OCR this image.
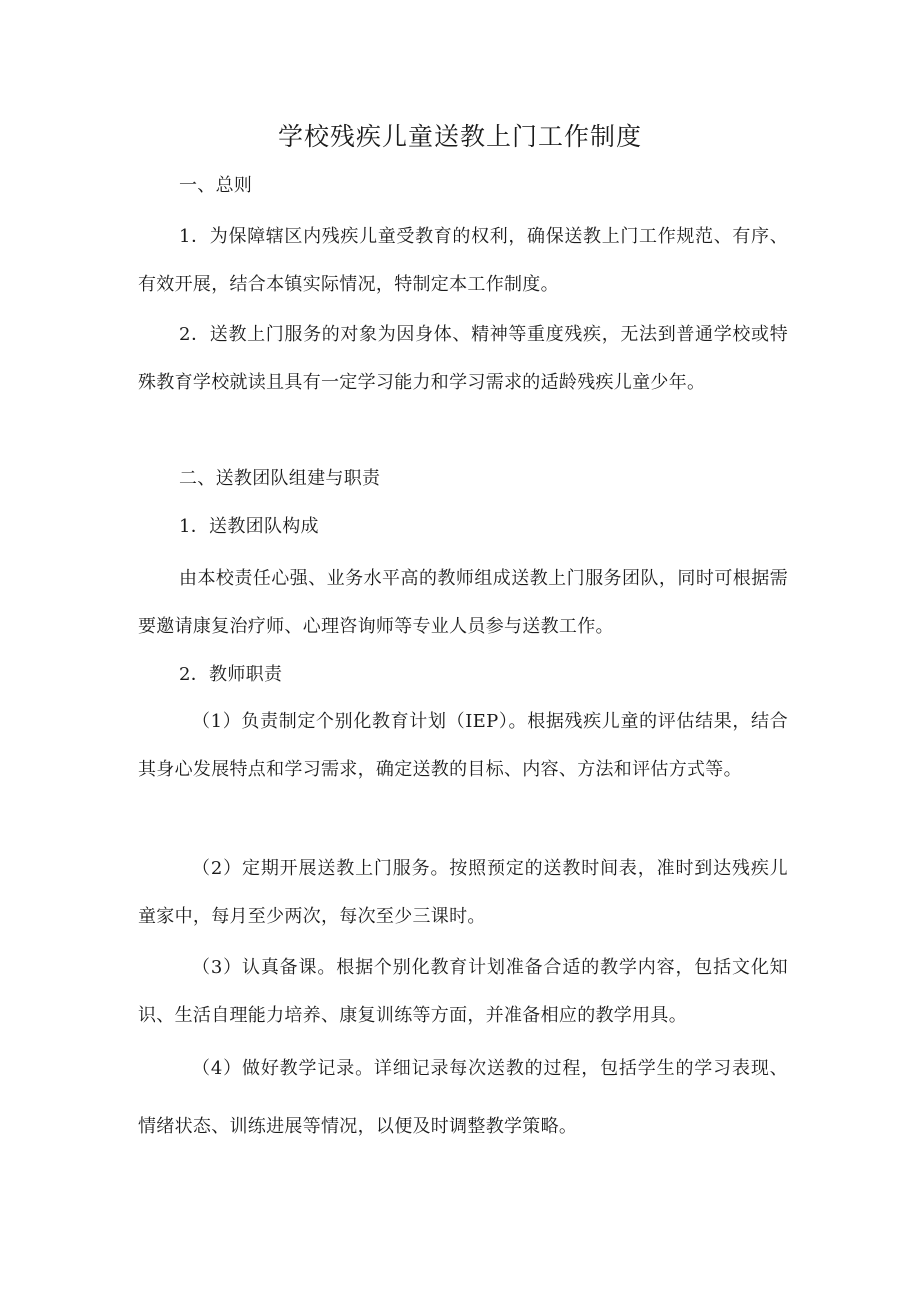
学校残疾儿童送教上门工作制度

一、总则

1．为保障辖区内残疾儿童受教育的权利，确保送教上门工作规范、有序、有效开展，结合本镇实际情况，特制定本工作制度。

2．送教上门服务的对象为因身体、精神等重度残疾，无法到普通学校或特殊教育学校就读且具有一定学习能力和学习需求的适龄残疾儿童少年。

二、送教团队组建与职责

1．送教团队构成

由本校责任心强、业务水平高的教师组成送教上门服务团队，同时可根据需要邀请康复治疗师、心理咨询师等专业人员参与送教工作。

2．教师职责

（1）负责制定个别化教育计划（IEP）。根据残疾儿童的评估结果，结合其身心发展特点和学习需求，确定送教的目标、内容、方法和评估方式等。

（2）定期开展送教上门服务。按照预定的送教时间表，准时到达残疾儿童家中，每月至少两次，每次至少三课时。

（3）认真备课。根据个别化教育计划准备合适的教学内容，包括文化知识、生活自理能力培养、康复训练等方面，并准备相应的教学用具。

（4）做好教学记录。详细记录每次送教的过程，包括学生的学习表现、情绪状态、训练进展等情况，以便及时调整教学策略。
